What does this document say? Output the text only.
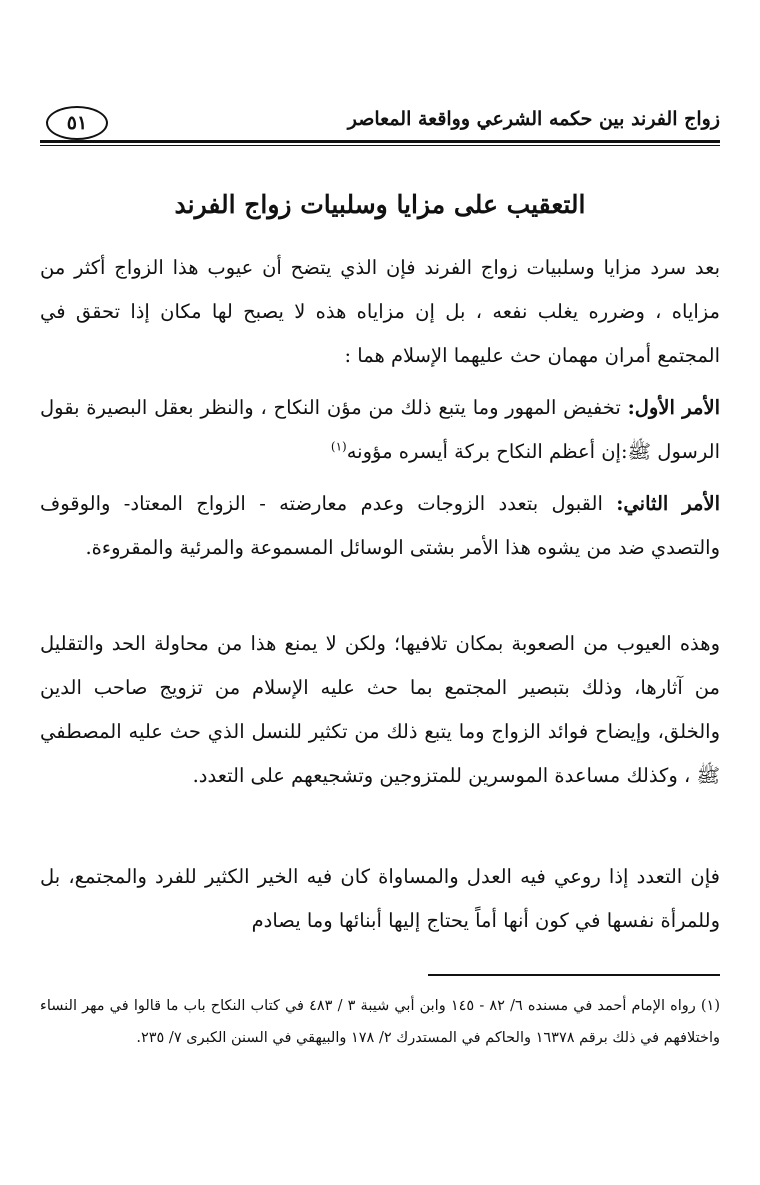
زواج الفرند بين حكمه الشرعي وواقعة المعاصر
٥١
التعقيب على مزايا وسلبيات زواج الفرند

بعد سرد مزايا وسلبيات زواج الفرند فإن الذي يتضح أن عيوب هذا الزواج أكثر من مزاياه ، وضرره يغلب نفعه ، بل إن مزاياه هذه لا يصبح لها مكان إذا تحقق في المجتمع أمران مهمان حث عليهما الإسلام هما :

الأمر الأول: تخفيض المهور وما يتبع ذلك من مؤن النكاح ، والنظر بعقل البصيرة بقول الرسول ﷺ:إن أعظم النكاح بركة أيسره مؤونه$^{(١)}$

الأمر الثاني: القبول بتعدد الزوجات وعدم معارضته - الزواج المعتاد- والوقوف والتصدي ضد من يشوه هذا الأمر بشتى الوسائل المسموعة والمرئية والمقروءة.

وهذه العيوب من الصعوبة بمكان تلافيها؛ ولكن لا يمنع هذا من محاولة الحد والتقليل من آثارها، وذلك بتبصير المجتمع بما حث عليه الإسلام من تزويج صاحب الدين والخلق، وإيضاح فوائد الزواج وما يتبع ذلك من تكثير للنسل الذي حث عليه المصطفي ﷺ ، وكذلك مساعدة الموسرين للمتزوجين وتشجيعهم على التعدد.

فإن التعدد إذا روعي فيه العدل والمساواة كان فيه الخير الكثير للفرد والمجتمع، بل وللمرأة نفسها في كون أنها أماً يحتاج إليها أبنائها وما يصادم

(١) رواه الإمام أحمد في مسنده ٦/ ٨٢ - ١٤٥ وابن أبي شيبة ٣ / ٤٨٣ في كتاب النكاح باب ما قالوا في مهر النساء واختلافهم في ذلك برقم ١٦٣٧٨ والحاكم في المستدرك ٢/ ١٧٨ والبيهقي في السنن الكبرى ٧/ ٢٣٥.
